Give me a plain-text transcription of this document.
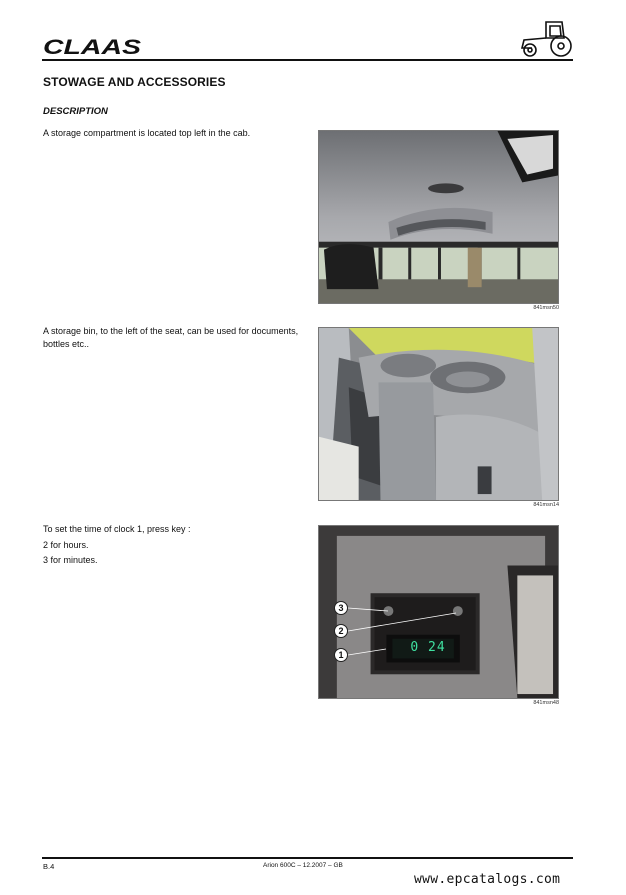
CLAAS
STOWAGE AND ACCESSORIES
DESCRIPTION
A storage compartment is located top left in the cab.
A storage bin, to the left of the seat, can be used for documents, bottles etc..
To set the time of clock 1, press key :
2 for hours.
3 for minutes.
841msn50
841msn14
0 24
841msn48
3
2
1
B.4	Arion 600C – 12.2007 – GB
www.epcatalogs.com
